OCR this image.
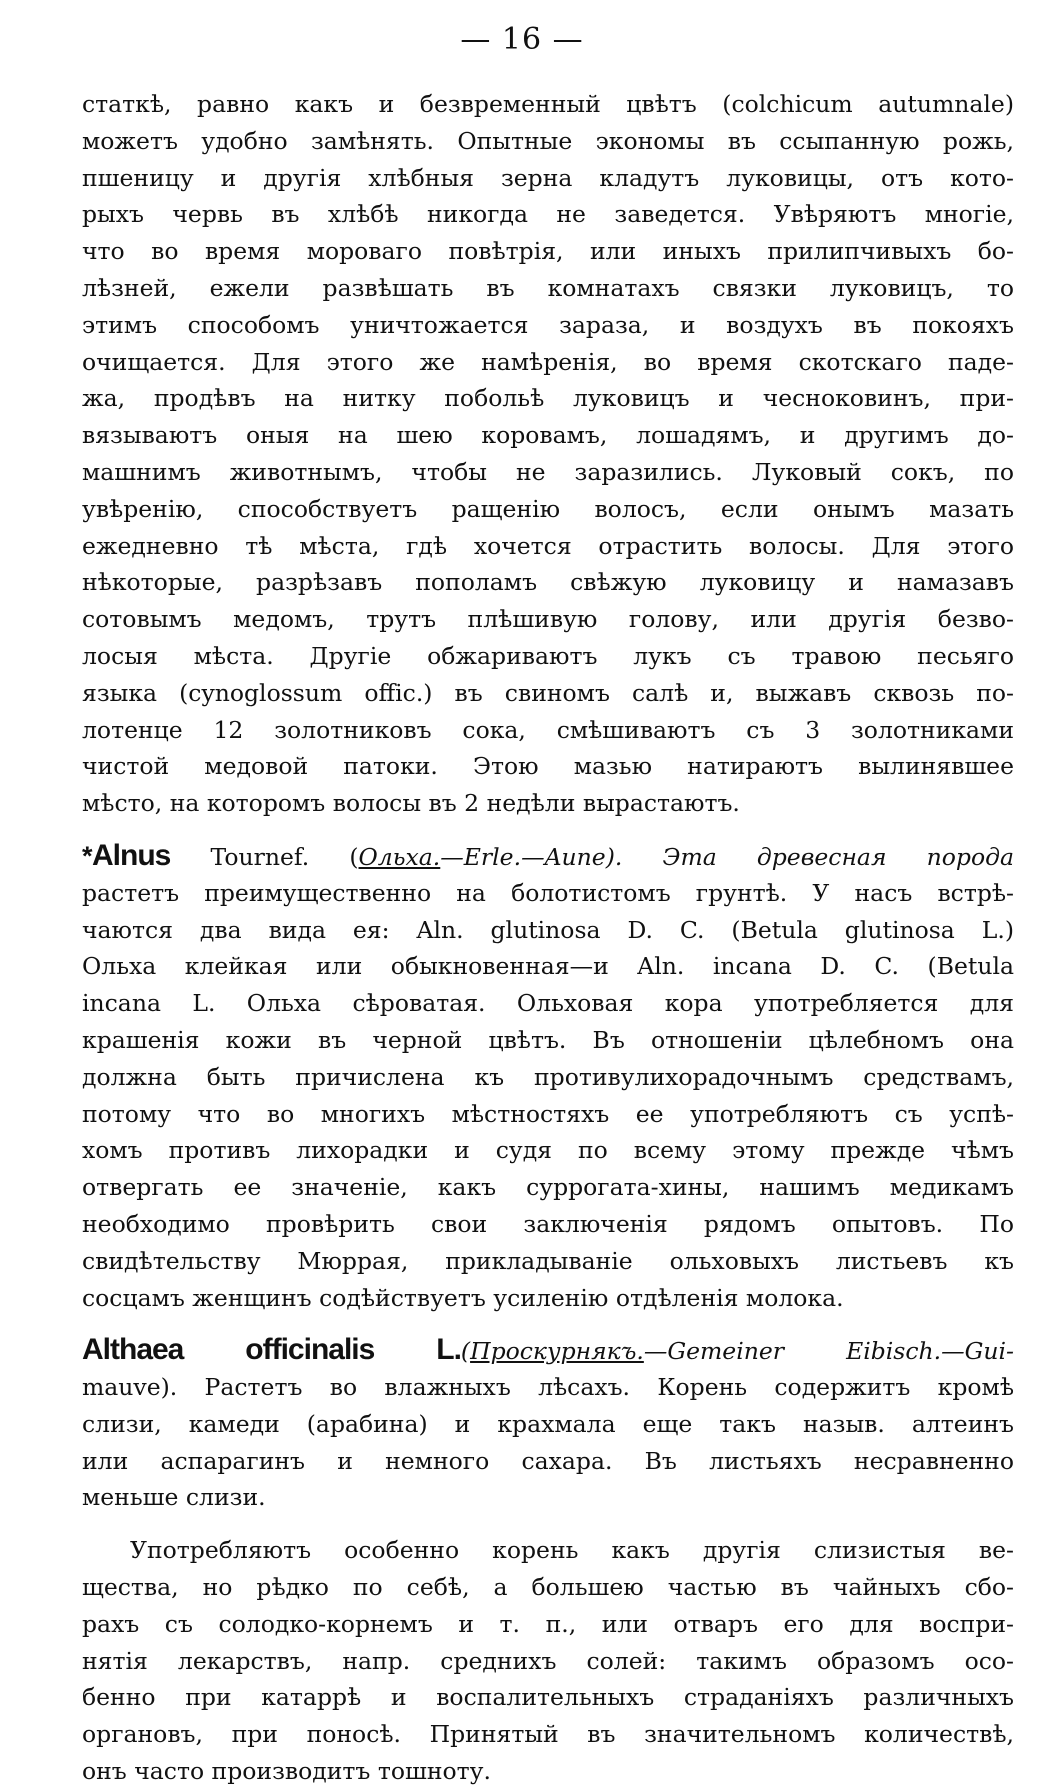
— 16 —
статкѣ, равно какъ и безвременный цвѣтъ (colchicum autumnale)
можетъ удобно замѣнять. Опытные экономы въ ссыпанную рожь,
пшеницу и другія хлѣбныя зерна кладутъ луковицы, отъ кото-
рыхъ червь въ хлѣбѣ никогда не заведется. Увѣряютъ многіе,
что во время моровaго повѣтрія, или иныхъ прилипчивыхъ бо-
лѣзней, ежели развѣшать въ комнатахъ связки луковицъ, то
этимъ способомъ уничтожается зараза, и воздухъ въ покояхъ
очищается. Для этого же намѣренія, во время скотскаго паде-
жа, продѣвъ на нитку побольѣ луковицъ и чесноковинъ, при-
вязываютъ оныя на шею коровамъ, лошадямъ, и другимъ до-
машнимъ животнымъ, чтобы не заразились. Луковый сокъ, по
увѣренію, способствуетъ ращенію волосъ, если онымъ мазать
ежедневно тѣ мѣста, гдѣ хочется отрастить волосы. Для этого
нѣкоторые, разрѣзавъ пополамъ свѣжую луковицу и намазавъ
сотовымъ медомъ, трутъ плѣшивую голову, или другія безво-
лосыя мѣста. Другіе обжариваютъ лукъ съ травою песьяго
языка (cynoglossum offic.) въ свиномъ салѣ и, выжавъ сквозь по-
лотенце 12 золотниковъ сока, смѣшиваютъ съ 3 золотниками
чистой медовой патоки. Этою мазью натираютъ вылинявшее
мѣсто, на которомъ волосы въ 2 недѣли вырастаютъ.
*Alnus Tournef. (Ольха.—Erle.—Aune). Эта древесная порода
растетъ преимущественно на болотистомъ грунтѣ. У насъ встрѣ-
чаются два вида ея: Aln. glutinosa D. C. (Betula glutinosa L.)
Ольха клейкая или обыкновенная—и Aln. incana D. C. (Betula
incana L. Ольха сѣроватая. Ольховая кора употребляется для
крашенія кожи въ черной цвѣтъ. Въ отношеніи цѣлебномъ она
должна быть причислена къ противулихорадочнымъ средствамъ,
потому что во многихъ мѣстностяхъ ее употребляютъ съ успѣ-
хомъ противъ лихорадки и судя по всему этому прежде чѣмъ
отвергать ее значеніе, какъ суррогата-хины, нашимъ медикамъ
необходимо провѣрить свои заключенія рядомъ опытовъ. По
свидѣтельству Мюррая, прикладываніе ольховыхъ листьевъ къ
сосцамъ женщинъ содѣйствуетъ усиленію отдѣленія молока.
Althaea officinalis L.(Проскурнякъ.—Gemeiner Eibisch.—Gui-
mauve). Растетъ во влажныхъ лѣсахъ. Корень содержитъ кромѣ
слизи, камеди (арабина) и крахмала еще такъ назыв. алтеинъ
или аспарагинъ и немного сахара. Въ листьяхъ несравненно
меньше слизи.
Употребляютъ особенно корень какъ другія слизистыя ве-
щества, но рѣдко по себѣ, а большею частью въ чайныхъ сбо-
рахъ съ солодко-корнемъ и т. п., или отваръ его для воспри-
нятія лекарствъ, напр. среднихъ солей: такимъ образомъ осо-
бенно при катаррѣ и воспалительныхъ страданіяхъ различныхъ
органовъ, при поносѣ. Принятый въ значительномъ количествѣ,
онъ часто производитъ тошноту.
